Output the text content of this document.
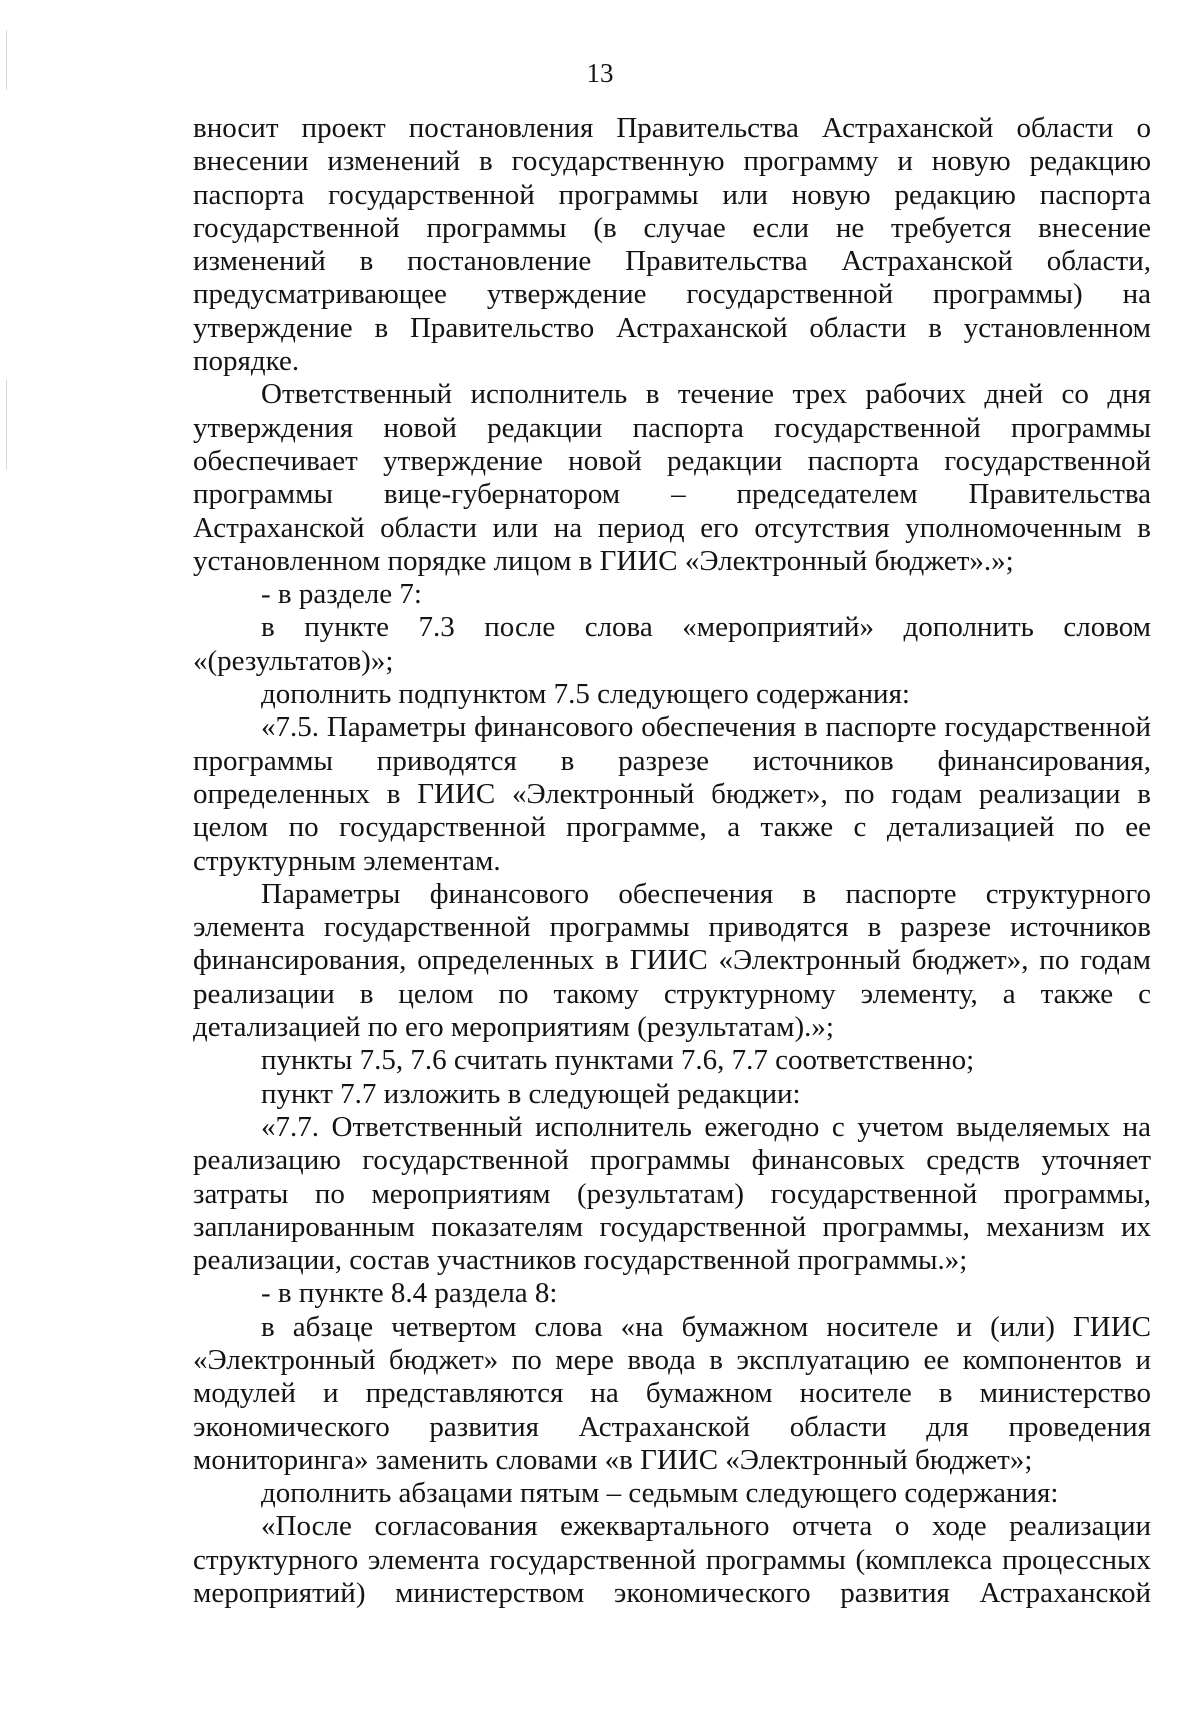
13

вносит проект постановления Правительства Астраханской области о внесении изменений в государственную программу и новую редакцию паспорта государственной программы или новую редакцию паспорта государственной программы (в случае если не требуется внесение изменений в постановление Правительства Астраханской области, предусматривающее утверждение государственной программы) на утверждение в Правительство Астраханской области в установленном порядке.

Ответственный исполнитель в течение трех рабочих дней со дня утверждения новой редакции паспорта государственной программы обеспечивает утверждение новой редакции паспорта государственной программы вице-губернатором – председателем Правительства Астраханской области или на период его отсутствия уполномоченным в установленном порядке лицом в ГИИС «Электронный бюджет».»;

- в разделе 7:

в пункте 7.3 после слова «мероприятий» дополнить словом «(результатов)»;

дополнить подпунктом 7.5 следующего содержания:

«7.5. Параметры финансового обеспечения в паспорте государственной программы приводятся в разрезе источников финансирования, определенных в ГИИС «Электронный бюджет», по годам реализации в целом по государственной программе, а также с детализацией по ее структурным элементам.

Параметры финансового обеспечения в паспорте структурного элемента государственной программы приводятся в разрезе источников финансирования, определенных в ГИИС «Электронный бюджет», по годам реализации в целом по такому структурному элементу, а также с детализацией по его мероприятиям (результатам).»;

пункты 7.5, 7.6 считать пунктами 7.6, 7.7 соответственно;

пункт 7.7 изложить в следующей редакции:

«7.7. Ответственный исполнитель ежегодно с учетом выделяемых на реализацию государственной программы финансовых средств уточняет затраты по мероприятиям (результатам) государственной программы, запланированным показателям государственной программы, механизм их реализации, состав участников государственной программы.»;

- в пункте 8.4 раздела 8:

в абзаце четвертом слова «на бумажном носителе и (или) ГИИС «Электронный бюджет» по мере ввода в эксплуатацию ее компонентов и модулей и представляются на бумажном носителе в министерство экономического развития Астраханской области для проведения мониторинга» заменить словами «в ГИИС «Электронный бюджет»;

дополнить абзацами пятым – седьмым следующего содержания:

«После согласования ежеквартального отчета о ходе реализации структурного элемента государственной программы (комплекса процессных мероприятий) министерством экономического развития Астраханской
